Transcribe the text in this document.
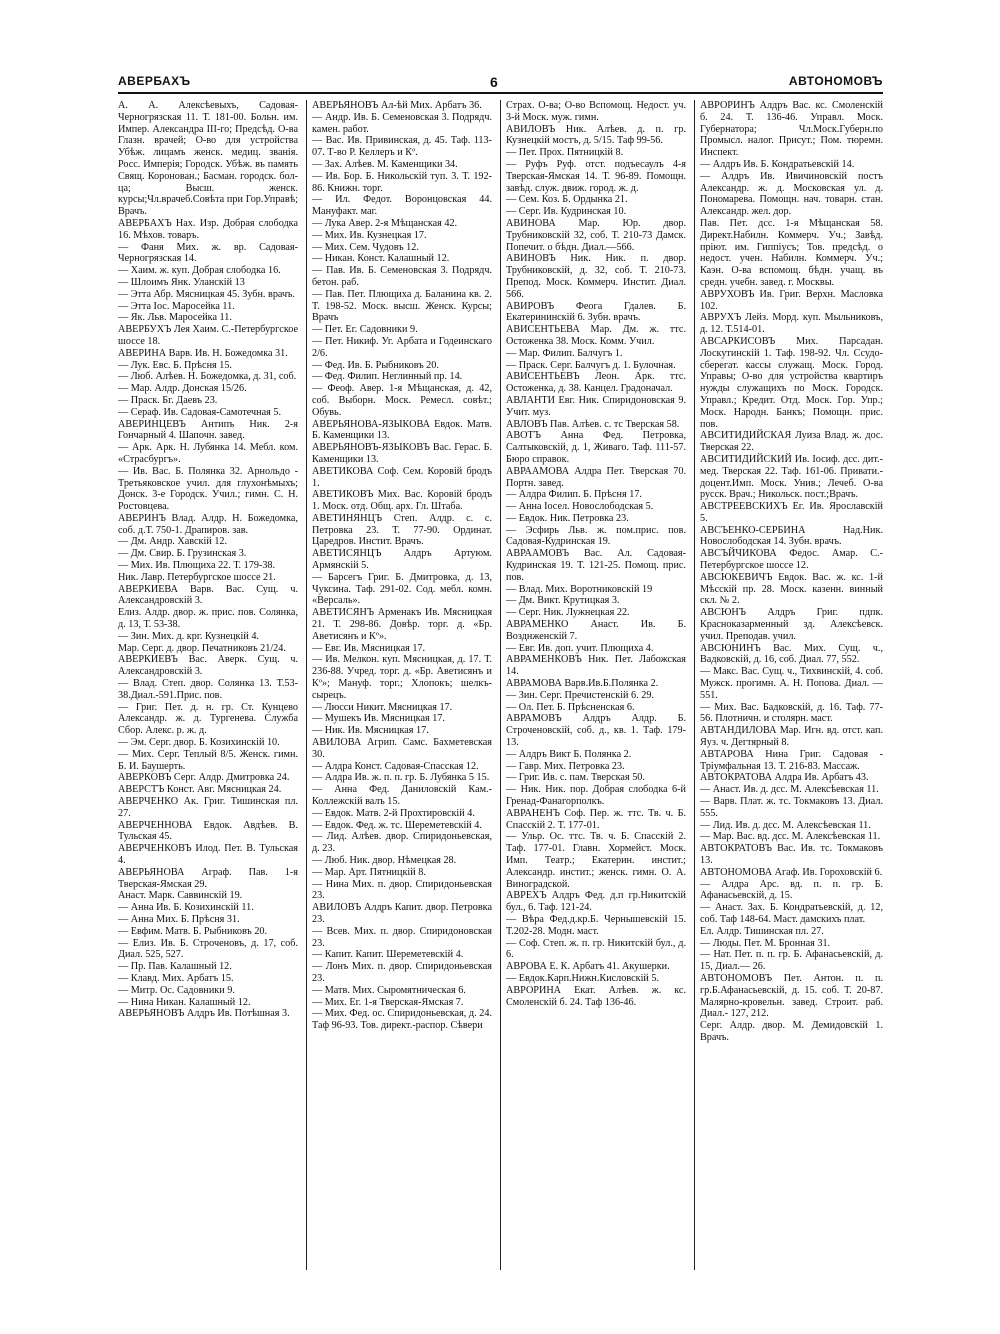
АВЕРБАХЪ	6	АВТОНОМОВЪ

А. А. Алексѣевыхъ, Садовая-Черногрязская 11. Т. 181-00. Больн. им. Импер. Александра III-го; Предсѣд. О-ва Глазн. врачей; О-во для устройства Убѣж. лицамъ женск. медиц. званія. Росс. Имперія; Городск. Убѣж. въ память Свящ. Коронован.; Басман. городск. бол-ца; Высш. женск. курсы;Чл.врачеб.Совѣта при Гор.Управѣ; Врачъ.

АВЕРБАХЪ Нах. Изр. Добрая слободка 16. Мѣхов. товаръ.

— Фаня Мих. ж. вр. Садовая-Черногрязская 14.

— Хаим. ж. куп. Добрая слободка 16.

— Шлоимъ Янк. Уланскій 13

— Этта Абр. Мясницкая 45. Зубн. врачъ.

— Этта Іос. Маросейка 11.

— Як. Льв. Маросейка 11.

АВЕРБУХЪ Лея Хаим. С.-Петербургское шоссе 18.

АВЕРИНА Варв. Ив. Н. Божедомка 31.

— Лук. Евс. Б. Прѣсня 15.

— Люб. Алѣев. Н. Божедомка, д. 31, соб.

— Мар. Алдр. Донская 15/26.

— Праск. Бг. Даевъ 23.

— Сераф. Ив. Садовая-Самотечная 5.

АВЕРИНЦЕВЪ Антипъ Ник. 2-я Гончарный 4. Шапочн. завед.

— Арк. Арк. Н. Лубянка 14. Мебл. ком. «Страсбургъ».

— Ив. Вас. Б. Полянка 32. Арнольдо - Третьяковское учил. для глухонѣмыхъ; Донск. 3-е Городск. Учил.; гимн. С. Н. Ростовцева.

АВЕРИНЪ Влад. Алдр. Н. Божедомка, соб. д.Т. 750-1. Драпиров. зав.

— Дм. Андр. Хавскій 12.

— Дм. Свир. Б. Грузинская 3.

— Мих. Ив. Плющиха 22. Т. 179-38.

Ник. Лавр. Петербургское шоссе 21.

АВЕРКИЕВА Варв. Вас. Сущ. ч. Александровскій 3.

Елиз. Алдр. двор. ж. прис. пов. Солянка, д. 13, Т. 53-38.

— Зин. Мих. д. крг. Кузнецкій 4.

Мар. Серг. д. двор. Печатниковъ 21/24.

АВЕРКИЕВЪ Вас. Аверк. Сущ. ч. Александровскій 3.

— Влад. Степ. двор. Солянка 13. Т.53-38.Диал.-591.Прис. пов.

— Григ. Пет. д. н. гр. Ст. Кунцево Александр. ж. д. Тургенева. Служба Сбор. Алекс. р. ж. д.

— Эм. Серг. двор. Б. Козихинскій 10.

— Мих. Серг. Теплый 8/5. Женск. гимн. Б. И. Баушерть.

АВЕРКОВЪ Серг. Алдр. Дмитровка 24.

АВЕРСТЪ Конст. Авг. Мясницкая 24.

АВЕРЧЕНКО Ак. Григ. Тишинская пл. 27.

АВЕРЧЕННОВА Евдок. Авдѣев. В. Тульская 45.

АВЕРЧЕНКОВЪ Илод. Пет. В. Тульская 4.

АВЕРЬЯНОВА Аграф. Пав. 1-я Тверская-Ямская 29.

Анаст. Марк. Саввинскій 19.

— Анна Ив. Б. Козихинскій 11.

— Анна Мих. Б. Прѣсня 31.

— Евфим. Матв. Б. Рыбниковъ 20.

— Елиз. Ив. Б. Строченовъ, д. 17, соб. Диал. 525, 527.

— Пр. Пав. Калашный 12.

— Клавд. Мих. Арбатъ 15.

— Митр. Ос. Садовники 9.

— Нина Никан. Калашный 12.

АВЕРЬЯНОВЪ Алдръ Ив. Потѣшная 3.

АВЕРЬЯНОВЪ Ал-ѣй Мих. Арбатъ 36.

— Андр. Ив. Б. Семеновская 3. Подрядч. камен. работ.

— Вас. Ив. Привинская, д. 45. Таф. 113-07. Т-во Р. Келлеръ и Кº.

— Зах. Алѣев. М. Каменщики 34.

— Ив. Бор. Б. Никольскій туп. 3. Т. 192-86. Книжн. торг.

— Ил. Федот. Воронцовская 44. Мануфакт. маг.

— Лука Авер. 2-я Мѣщанская 42.

— Мих. Ив. Кузнецкая 17.

— Мих. Сем. Чудовъ 12.

— Никан. Конст. Калашный 12.

— Пав. Ив. Б. Семеновская 3. Подрядч. бетон. раб.

— Пав. Пет. Плющиха д. Баланина кв. 2. Т. 198-52. Моск. высш. Женск. Курсы; Врачъ

— Пет. Ег. Садовники 9.

— Пет. Никиф. Уг. Арбата и Годеинскаго 2/6.

— Фед. Ив. Б. Рыбниковъ 20.

— Фед. Филип. Неглинный пр. 14.

— Феоф. Авер. 1-я Мѣщанская, д. 42, соб. Выборн. Моск. Ремесл. совѣт.; Обувь.

АВЕРЬЯНОВА-ЯЗЫКОВА Евдок. Матв. Б. Каменщики 13.

АВЕРЬЯНОВЪ-ЯЗЫКОВЪ Вас. Герас. Б. Каменщики 13.

АВЕТИКОВА Соф. Сем. Коровій бродъ 1.

АВЕТИКОВЪ Мих. Вас. Коровій бродъ 1. Моск. отд. Общ. арх. Гл. Штаба.

АВЕТИНЯНЦЪ Степ. Алдр. с. с. Петровка 23. Т. 77-90. Ординат. Царедров. Инстит. Врачъ.

АВЕТИСЯНЦЪ Алдръ Артуюм. Армянскій 5.

— Барсегъ Григ. Б. Дмитровка, д. 13, Чуксина. Таф. 291-02. Сод. мебл. комн. «Версаль».

АВЕТИСЯНЪ Арменакъ Ив. Мясницкая 21. Т. 298-86. Довѣр. торг. д. «Бр. Аветисянъ и Кº».

— Евг. Ив. Мясницкая 17.

— Ив. Мелкон. куп. Мясницкая, д. 17. Т. 236-88. Учред. торг. д. «Бр. Аветисянъ и Кº»; Мануф. торг.; Хлопокъ; шелкъ-сырецъ.

— Люсси Никит. Мясницкая 17.

— Мушекъ Ив. Мясницкая 17.

— Ник. Ив. Мясницкая 17.

АВИЛОВА Агрип. Самс. Бахметевская 30.

— Алдра Конст. Садовая-Спасская 12.

— Алдра Ив. ж. п. п. гр. Б. Лубянка 5 15.

— Анна Фед. Даниловскій Кам.-Коллежскій валъ 15.

— Евдок. Матв. 2-й Прохтировскій 4.

— Евдок. Фед. ж. тс. Шереметевскій 4.

— Лид. Алѣев. двор. Спиридоньевская, д. 23.

— Люб. Ник. двор. Нѣмецкая 28.

— Мар. Арт. Пятницкій 8.

— Нина Мих. п. двор. Спиридоньевская 23.

АВИЛОВЪ Алдръ Капит. двор. Петровка 23.

— Всев. Мих. п. двор. Спиридоновская 23.

— Капит. Капит. Шереметевскій 4.

— Лонъ Мих. п. двор. Спиридоньевская 23.

— Матв. Мих. Сыромятническая 6.

— Мих. Ег. 1-я Тверская-Ямская 7.

— Мих. Фед. ос. Спиридоньевская, д. 24. Таф 96-93. Тов. директ.-распор. Сѣвери

Страх. О-ва; О-во Вспомощ. Недост. уч. 3-й Моск. муж. гимн.

АВИЛОВЪ Ник. Алѣев. д. п. гр. Кузнецкій мостъ, д. 5/15. Таф 99-56.

— Пет. Прох. Пятницкій 8.

— Руфъ Руф. отст. подъесаулъ 4-я Тверская-Ямская 14. Т. 96-89. Помощн. завѣд. служ. движ. город. ж. д.

— Сем. Коз. Б. Ордынка 21.

— Серг. Ив. Кудринская 10.

АВИНОВА Мар. Юр. двор. Трубниковскій 32, соб. Т. 210-73 Дамск. Попечит. о бѣдн. Диал.—566.

АВИНОВЪ Ник. Ник. п. двор. Трубниковскій, д. 32, соб. Т. 210-73. Препод. Моск. Коммерч. Инстит. Диал. 566.

АВИРОВЪ Феога Гдалев. Б. Екатерининскій 6. Зубн. врачъ.

АВИСЕНТЬЕВА Мар. Дм. ж. ттс. Остоженка 38. Моск. Комм. Учил.

— Мар. Филип. Балчугъ 1.

— Праск. Серг. Балчугъ д. 1. Булочная.

АВИСЕНТЬЕВЪ Леон. Арк. ттс. Остоженка, д. 38. Канцел. Градоначал.

АВЛАНТИ Евг. Ник. Спиридоновская 9. Учит. муз.

АВЛОВЪ Пав. Алѣев. с. тс Тверская 58.

АВОТЪ Анна Фед. Петровка, Салтыковскій, д. 1, Живаго. Таф. 111-57. Бюро справок.

АВРААМОВА Алдра Пет. Тверская 70. Портн. завед.

— Алдра Филип. Б. Прѣсня 17.

— Анна Іосел. Новослободская 5.

— Евдок. Ник. Петровка 23.

— Эсфирь Льв. ж. пом.прис. пов. Садовая-Кудринская 19.

АВРААМОВЪ Вас. Ал. Садовая-Кудринская 19. Т. 121-25. Помощ. прис. пов.

— Влад. Мих. Воротниковскій 19

— Дм. Викт. Крутицкая 3.

— Серг. Ник. Лужнецкая 22.

АВРАМЕНКО Анаст. Ив. Б. Возднженскій 7.

— Евг. Ив. доп. учит. Плющиха 4.

АВРАМЕНКОВЪ Ник. Пет. Лабожская 14.

АВРАМОВА Варв.Ив.Б.Полянка 2.

— Зин. Серг. Пречистенскій 6. 29.

— Ол. Пет. Б. Прѣсненская 6.

АВРАМОВЪ Алдръ Алдр. Б. Строченовскій, соб. д., кв. 1. Таф. 179-13.

— Алдръ Викт Б. Полянка 2.

— Гавр. Мих. Петровка 23.

— Григ. Ив. с. пам. Тверская 50.

— Ник. Ник. пор. Добрая слободка 6-й Гренад-Фанагорполкъ.

АВРАНЕНЪ Соф. Пер. ж. ттс. Тв. ч. Б. Спасскій 2. Т. 177-01.

— Ульр. Ос. ттс. Тв. ч. Б. Спасскій 2. Таф. 177-01. Главн. Хормейст. Моск. Имп. Театр.; Екатерин. инстит.; Александр. инстит.; женск. гимн. О. А. Виноградской.

АВРЕХЪ Алдръ Фед. д.п гр.Никитскій бул., 6. Таф. 121-24.

— Вѣра Фед.д.кр.Б. Чернышевскій 15. Т.202-28. Модн. маст.

— Соф. Степ. ж. п. гр. Никитскій бул., д. 6.

АВРОВА Е. К. Арбатъ 41. Акушерки.

— Евдок.Карп.Нижн.Кисловскій 5.

АВРОРИНА Екат. Алѣев. ж. кс. Смоленскій б. 24. Таф 136-46.

АВРОРИНЪ Алдръ Вас. кс. Смоленскій б. 24. Т. 136-46. Управл. Моск. Губернатора; Чл.Моск.Губерн.по Промысл. налог. Присут.; Пом. тюремн. Инспект.

— Алдръ Ив. Б. Кондратьевскій 14.

— Алдръ Ив. Ивичиновскій постъ Александр. ж. д. Московская ул. д. Пономарева. Помощн. нач. товарн. стан. Александр. жел. дор.

Пав. Пет. дсс. 1-я Мѣщанская 58. Директ.Набилн. Коммерч. Уч.; Завѣд. пріют. им. Гиппіусъ; Тов. предсѣд. о недост. учен. Набилн. Коммерч. Уч.; Каэн. О-ва вспомощ. бѣдн. учащ. въ средн. учебн. завед. г. Москвы.

АВРУХОВЪ Ив. Григ. Верхн. Масловка 102.

АВРУХЪ Лейз. Морд. куп. Мыльниковъ, д. 12. Т.514-01.

АВСАРКИСОВЪ Мих. Парсадан. Лоскутинскій 1. Таф. 198-92. Чл. Ссудо-сберегат. кассы служащ. Моск. Город. Управы; О-во для устройства квартиръ нужды служащихъ по Моск. Городск. Управл.; Кредит. Отд. Моск. Гор. Упр.; Моск. Народн. Банкъ; Помощн. прис. пов.

АВСИТИДИЙСКАЯ Луиза Влад. ж. дос. Тверская 22.

АВСИТИДИЙСКИЙ Ив. Іосиф. дсс. дит.-мед. Тверская 22. Таф. 161-06. Привати.-доцент.Имп. Моск. Унив.; Лечеб. О-ва русск. Врач.; Никольск. пост.;Врачъ.

АВСТРЕЕВСКИХЪ Ег. Ив. Ярославскій 5.

АВСЪЕНКО-СЕРБИНА Над.Ник. Новослободская 14. Зубн. врачъ.

АВСЪЙЧИКОВА Федос. Амар. С.-Петербургское шоссе 12.

АВСЮКЕВИЧЪ Евдок. Вас. ж. кс. 1-й Мѣсскій пр. 28. Моск. казенн. винный скл. № 2.

АВСЮНЪ Алдръ Григ. пдпк. Красноказарменный зд. Алексѣевск. учил. Преподав. учил.

АВСЮНИНЪ Вас. Мих. Сущ. ч., Вадковскій, д. 16, соб. Диал. 77, 552.

— Макс. Вас. Сущ. ч., Тихвинскій, 4. соб. Мужск. прогимн. А. Н. Попова. Диал. — 551.

— Мих. Вас. Бадковскій, д. 16. Таф. 77-56. Плотничн. и столярн. маст.

АВТАНДИЛОВА Мар. Игн. вд. отст. кап. Яуз. ч. Дегтярный 8.

АВТАРОВА Нина Григ. Садовая - Тріумфальная 13. Т. 216-83. Массаж.

АВТОКРАТОВА Алдра Ив. Арбатъ 43.

— Анаст. Ив. д. дсс. М. Алексѣевская 11.

— Варв. Плат. ж. тс. Токмаковъ 13. Диал. 555.

— Лид. Ив. д. дсс. М. Алексѣевская 11.

— Мар. Вас. вд. дсс. М. Алексѣевская 11.

АВТОКРАТОВЪ Вас. Ив. тс. Токмаковъ 13.

АВТОНОМОВА Агаф. Ив. Гороховскій 6.

— Алдра Арс. вд. п. п. гр. Б. Афанасьевскій, д. 15.

— Анаст. Зах. Б. Кондратьевскій, д. 12, соб. Таф 148-64. Маст. дамскихъ плат.

Ел. Алдр. Тишинская пл. 27.

— Люды. Пет. М. Бронная 31.

— Нат. Пет. п. п. гр. Б. Афанасьевскій, д. 15, Диал.— 26.

АВТОНОМОВЪ Пет. Антон. п. п. гр.Б.Афанасьевскій, д. 15. соб. Т. 20-87. Малярно-кровельн. завед. Строит. раб. Диал.- 127, 212.

Серг. Алдр. двор. М. Демидовскій 1. Врачъ.
